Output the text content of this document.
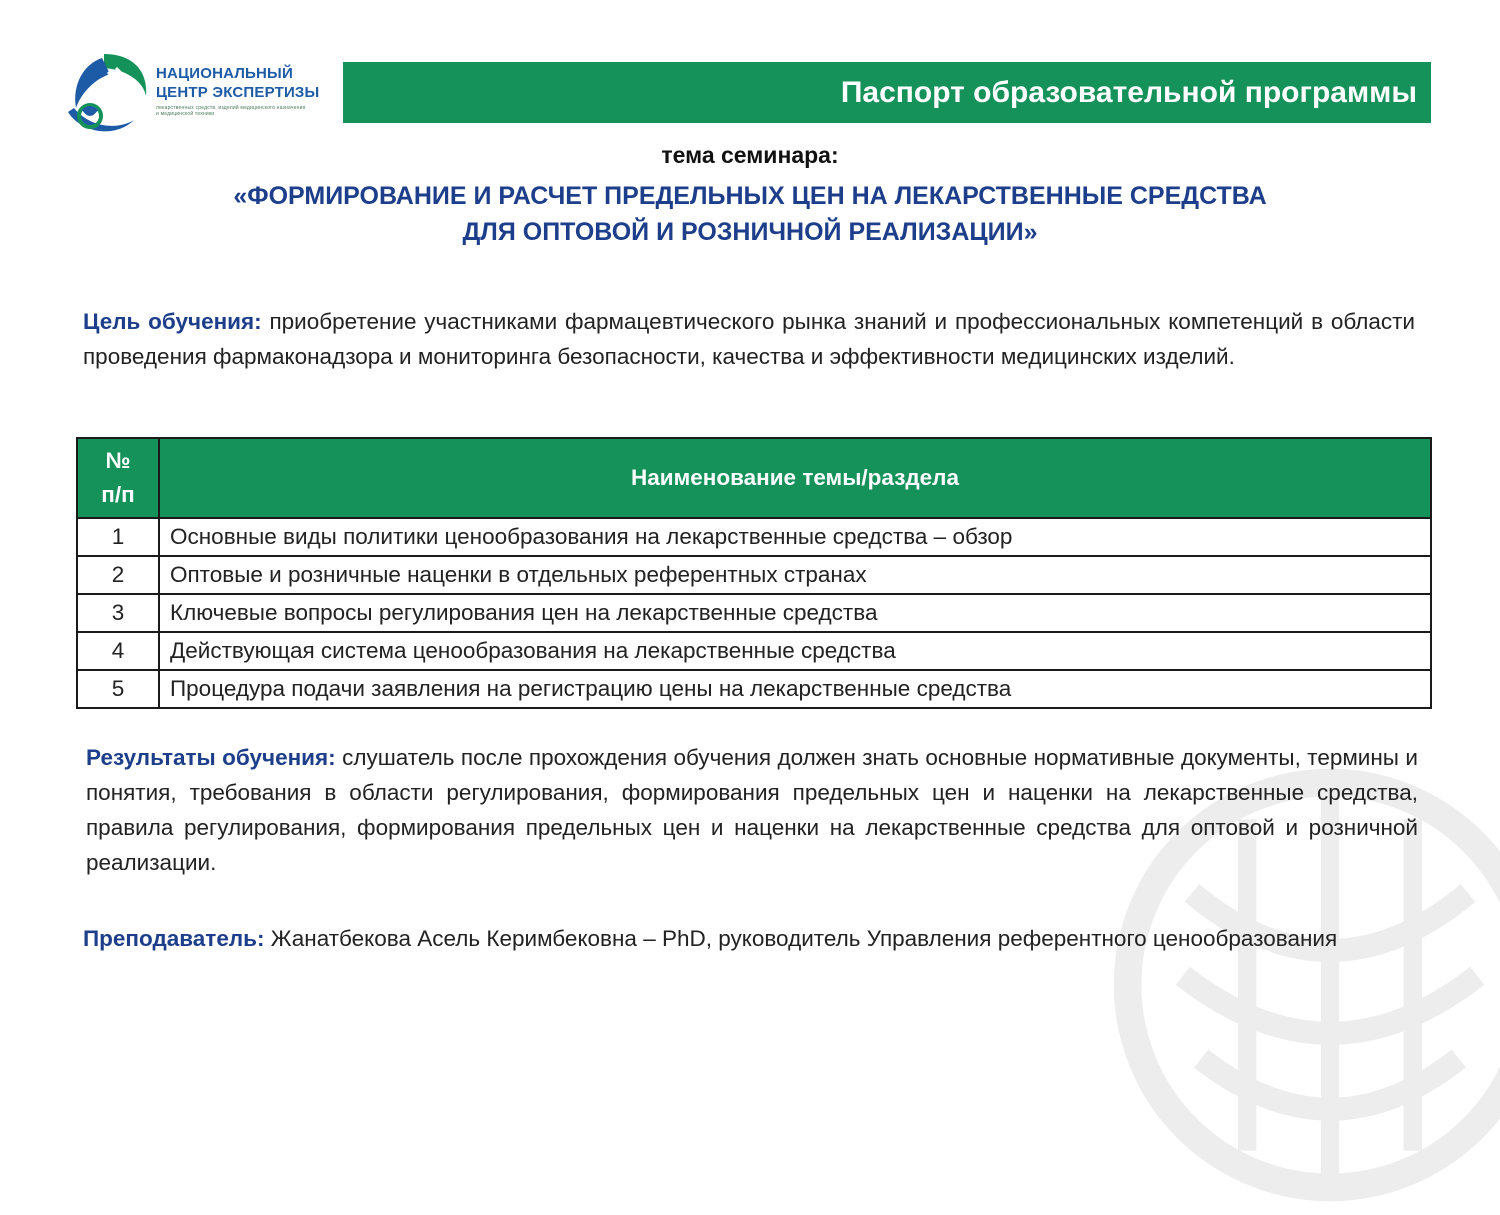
НАЦИОНАЛЬНЫЙ
ЦЕНТР ЭКСПЕРТИЗЫ
лекарственных средств, изделий медицинского назначения и медицинской техники
Паспорт образовательной программы
тема семинара:
«ФОРМИРОВАНИЕ И РАСЧЕТ ПРЕДЕЛЬНЫХ ЦЕН НА ЛЕКАРСТВЕННЫЕ СРЕДСТВА
ДЛЯ ОПТОВОЙ И РОЗНИЧНОЙ РЕАЛИЗАЦИИ»
Цель обучения: приобретение участниками фармацевтического рынка знаний и профессиональных компетенций в области проведения фармаконадзора и мониторинга безопасности, качества и эффективности медицинских изделий.
№
п/п	Наименование темы/раздела
1	Основные виды политики ценообразования на лекарственные средства – обзор
2	Оптовые и розничные наценки в отдельных референтных странах
3	Ключевые вопросы регулирования цен на лекарственные средства
4	Действующая система ценообразования на лекарственные средства
5	Процедура подачи заявления на регистрацию цены на лекарственные средства
Результаты обучения: слушатель после прохождения обучения должен знать основные нормативные документы, термины и понятия, требования в области регулирования, формирования предельных цен и наценки на лекарственные средства, правила регулирования, формирования предельных цен и наценки на лекарственные средства для оптовой и розничной реализации.
Преподаватель: Жанатбекова Асель Керимбековна – PhD, руководитель Управления референтного ценообразования
